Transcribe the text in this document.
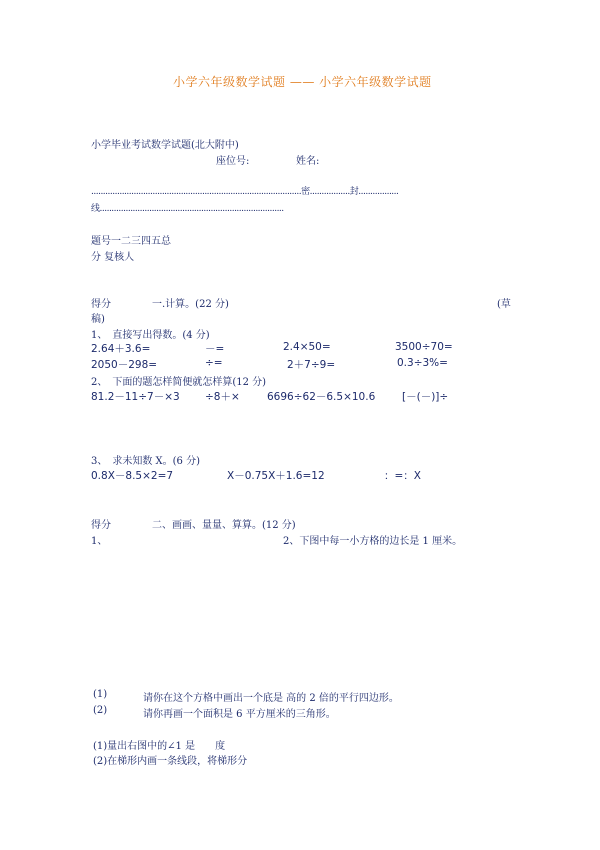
小学六年级数学试题 —— 小学六年级数学试题
小学毕业考试数学试题(北大附中)
座位号:	姓名:
.........................................................................................密.................封.................
线..............................................................................
题号一二三四五总
分 复核人
得分	一.计算。(22 分)	(草
稿)
1、　直接写出得数。(4 分)
2.64＋3.6=	－=	2.4×50=	3500÷70=
2050－298=	÷=	2＋7÷9=	0.3÷3%=
2、　下面的题怎样简便就怎样算(12 分)
81.2－11÷7－×3 ÷8＋×	6696÷62－6.5×10.6	[－(－)]÷
3、　求未知数 X。(6 分)
0.8X－8.5×2=7	X－0.75X＋1.6=12	：=：X
得分	二、画画、量量、算算。(12 分)
1、	2、下图中每一小方格的边长是 1 厘米。
(1)	请你在这个方格中画出一个底是 高的 2 倍的平行四边形。
(2)	请你再画一个面积是 6 平方厘米的三角形。
(1)量出右图中的∠1 是　　度
(2)在梯形内画一条线段，将梯形分
